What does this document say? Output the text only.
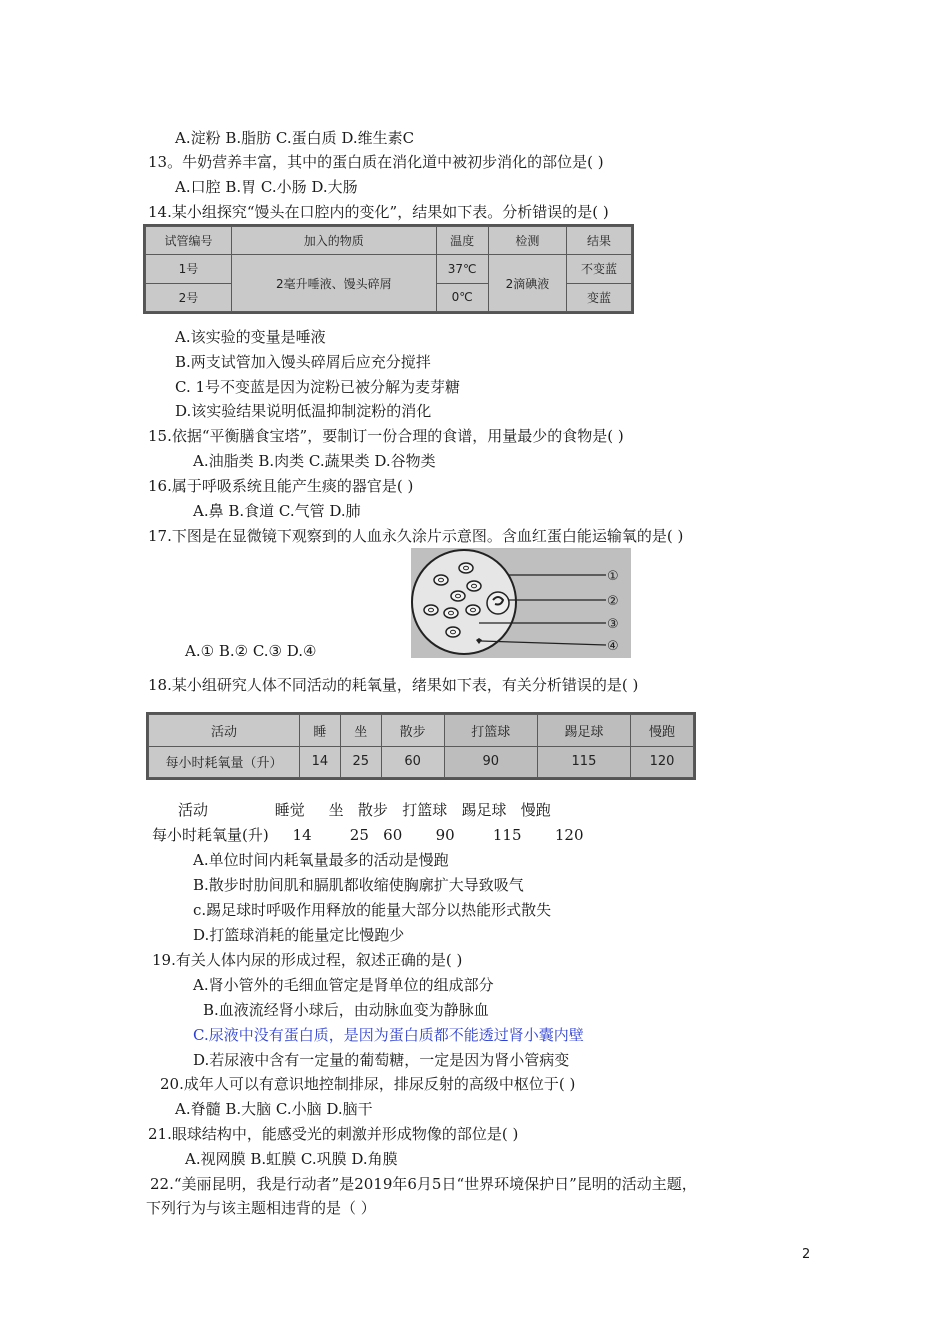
A.淀粉 B.脂肪 C.蛋白质 D.维生素C
13。牛奶营养丰富，其中的蛋白质在消化道中被初步消化的部位是( )
A.口腔 B.胃 C.小肠 D.大肠
14.某小组探究“馒头在口腔内的变化”，结果如下表。分析错误的是( )
试管编号	加入的物质	温度	检测	结果
1号	2毫升唾液、馒头碎屑	37℃	2滴碘液	不变蓝
2号		0℃		变蓝
A.该实验的变量是唾液
B.两支试管加入馒头碎屑后应充分搅拌
C. 1号不变蓝是因为淀粉已被分解为麦芽糖
D.该实验结果说明低温抑制淀粉的消化
15.依据“平衡膳食宝塔”，要制订一份合理的食谱，用量最少的食物是( )
A.油脂类 B.肉类 C.蔬果类 D.谷物类
16.属于呼吸系统且能产生痰的器官是( )
A.鼻 B.食道 C.气管 D.肺
17.下图是在显微镜下观察到的人血永久涂片示意图。含血红蛋白能运输氧的是( )
①
②
③
④
A.① B.② C.③ D.④
18.某小组研究人体不同活动的耗氧量，绪果如下表，有关分析错误的是( )
活动	睡	坐	散步	打篮球	踢足球	慢跑
每小时耗氧量（升）	14	25	60	90	115	120
活动              睡觉     坐   散步   打篮球   踢足球   慢跑
每小时耗氧量(升)     14        25   60       90        115       120
A.单位时间内耗氧量最多的活动是慢跑
B.散步时肋间肌和膈肌都收缩使胸廓扩大导致吸气
c.踢足球时呼吸作用释放的能量大部分以热能形式散失
D.打篮球消耗的能量定比慢跑少
19.有关人体内尿的形成过程，叙述正确的是( )
A.肾小管外的毛细血管定是肾单位的组成部分
B.血液流经肾小球后，由动脉血变为静脉血
C.尿液中没有蛋白质，是因为蛋白质都不能透过肾小囊内壁
D.若尿液中含有一定量的葡萄糖，一定是因为肾小管病变
20.成年人可以有意识地控制排尿，排尿反射的高级中枢位于( )
A.脊髓 B.大脑 C.小脑 D.脑干
21.眼球结构中，能感受光的刺激并形成物像的部位是( )
A.视网膜 B.虹膜 C.巩膜 D.角膜
22.“美丽昆明，我是行动者”是2019年6月5日“世界环境保护日”昆明的活动主题，
下列行为与该主题相违背的是（ ）
2
